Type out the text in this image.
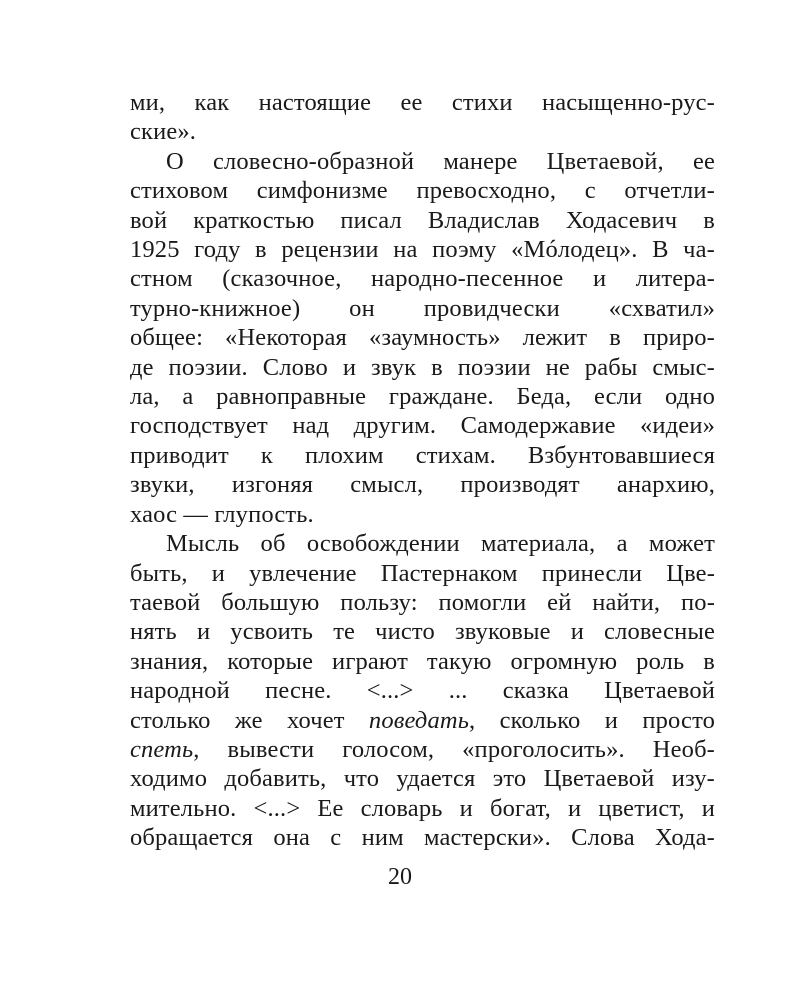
ми, как настоящие ее стихи насыщенно-рус-
ские».
О словесно-образной манере Цветаевой, ее
стиховом симфонизме превосходно, с отчетли-
вой краткостью писал Владислав Ходасевич в
1925 году в рецензии на поэму «Мóлодец». В ча-
стном (сказочное, народно-песенное и литера-
турно-книжное) он провидчески «схватил»
общее: «Некоторая «заумность» лежит в приро-
де поэзии. Слово и звук в поэзии не рабы смыс-
ла, а равноправные граждане. Беда, если одно
господствует над другим. Самодержавие «идеи»
приводит к плохим стихам. Взбунтовавшиеся
звуки, изгоняя смысл, производят анархию,
хаос — глупость.
Мысль об освобождении материала, а может
быть, и увлечение Пастернаком принесли Цве-
таевой большую пользу: помогли ей найти, по-
нять и усвоить те чисто звуковые и словесные
знания, которые играют такую огромную роль в
народной песне. <...> ... сказка Цветаевой
столько же хочет поведать, сколько и просто
спеть, вывести голосом, «проголосить». Необ-
ходимо добавить, что удается это Цветаевой изу-
мительно. <...> Ее словарь и богат, и цветист, и
обращается она с ним мастерски». Слова Хода-
20
